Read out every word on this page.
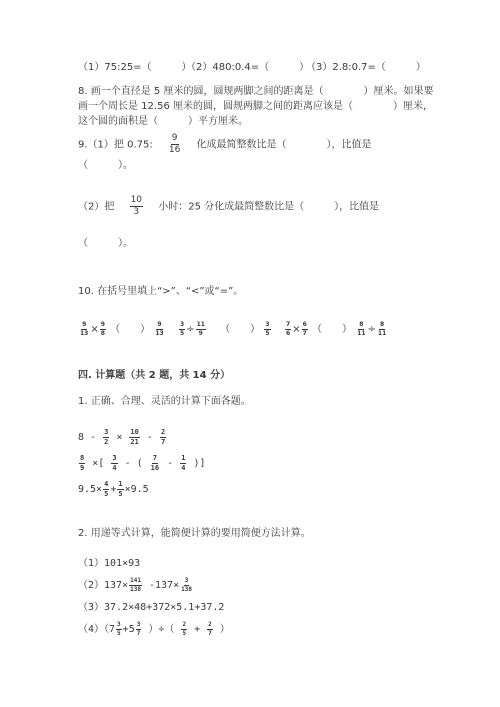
（1）75:25=（　　　）
（2）480:0.4=（　　　）
（3）2.8:0.7=（　　　）
8. 画一个直径是 5 厘米的圆，圆规两脚之间的距离是（　　　　）厘米。如果要
画一个周长是 12.56 厘米的圆，圆规两脚之间的距离应该是（　　　　）厘米，
这个圆的面积是（　　　）平方厘米。
9.（1）把 0.75: $\frac{9}{16}$ 化成最简整数比是（　　　　），比值是
（　　　）。
（2）把 $\frac{10}{3}$ 小时：25 分化成最简整数比是（　　　），比值是
（　　　）。
10. 在括号里填上“>”、“<”或“=”。
$\frac{9}{13} \times \frac{9}{8}$ （　　） $\frac{9}{13} \frac{3}{5} \div \frac{11}{9}$ （　　） $\frac{3}{5} \frac{7}{6} \times \frac{6}{7}$ （　　） $\frac{8}{11} \div \frac{8}{11}$
四. 计算题（共 2 题，共 14 分）
1. 正确、合理、灵活的计算下面各题。
$8 - \frac{3}{2} \times \frac{10}{21} - \frac{2}{7}$
$\frac{8}{9}$ ×[ $\frac{3}{4}$ - ( $\frac{7}{16} - \frac{1}{4}$ )]
$9.5\times \frac{4}{5} + \frac{1}{5} \times 9.5$
2. 用递等式计算，能简便计算的要用简便方法计算。
（1）101×93
$(2)137\times \frac{141}{138} -137\times \frac{3}{138}$
（3）37.2×48+372×5.1+37.2
$(4)(7 \frac{3}{5} +5 \frac{3}{7}$ ）÷（ $\frac{2}{5} + \frac{2}{7}$ ）
